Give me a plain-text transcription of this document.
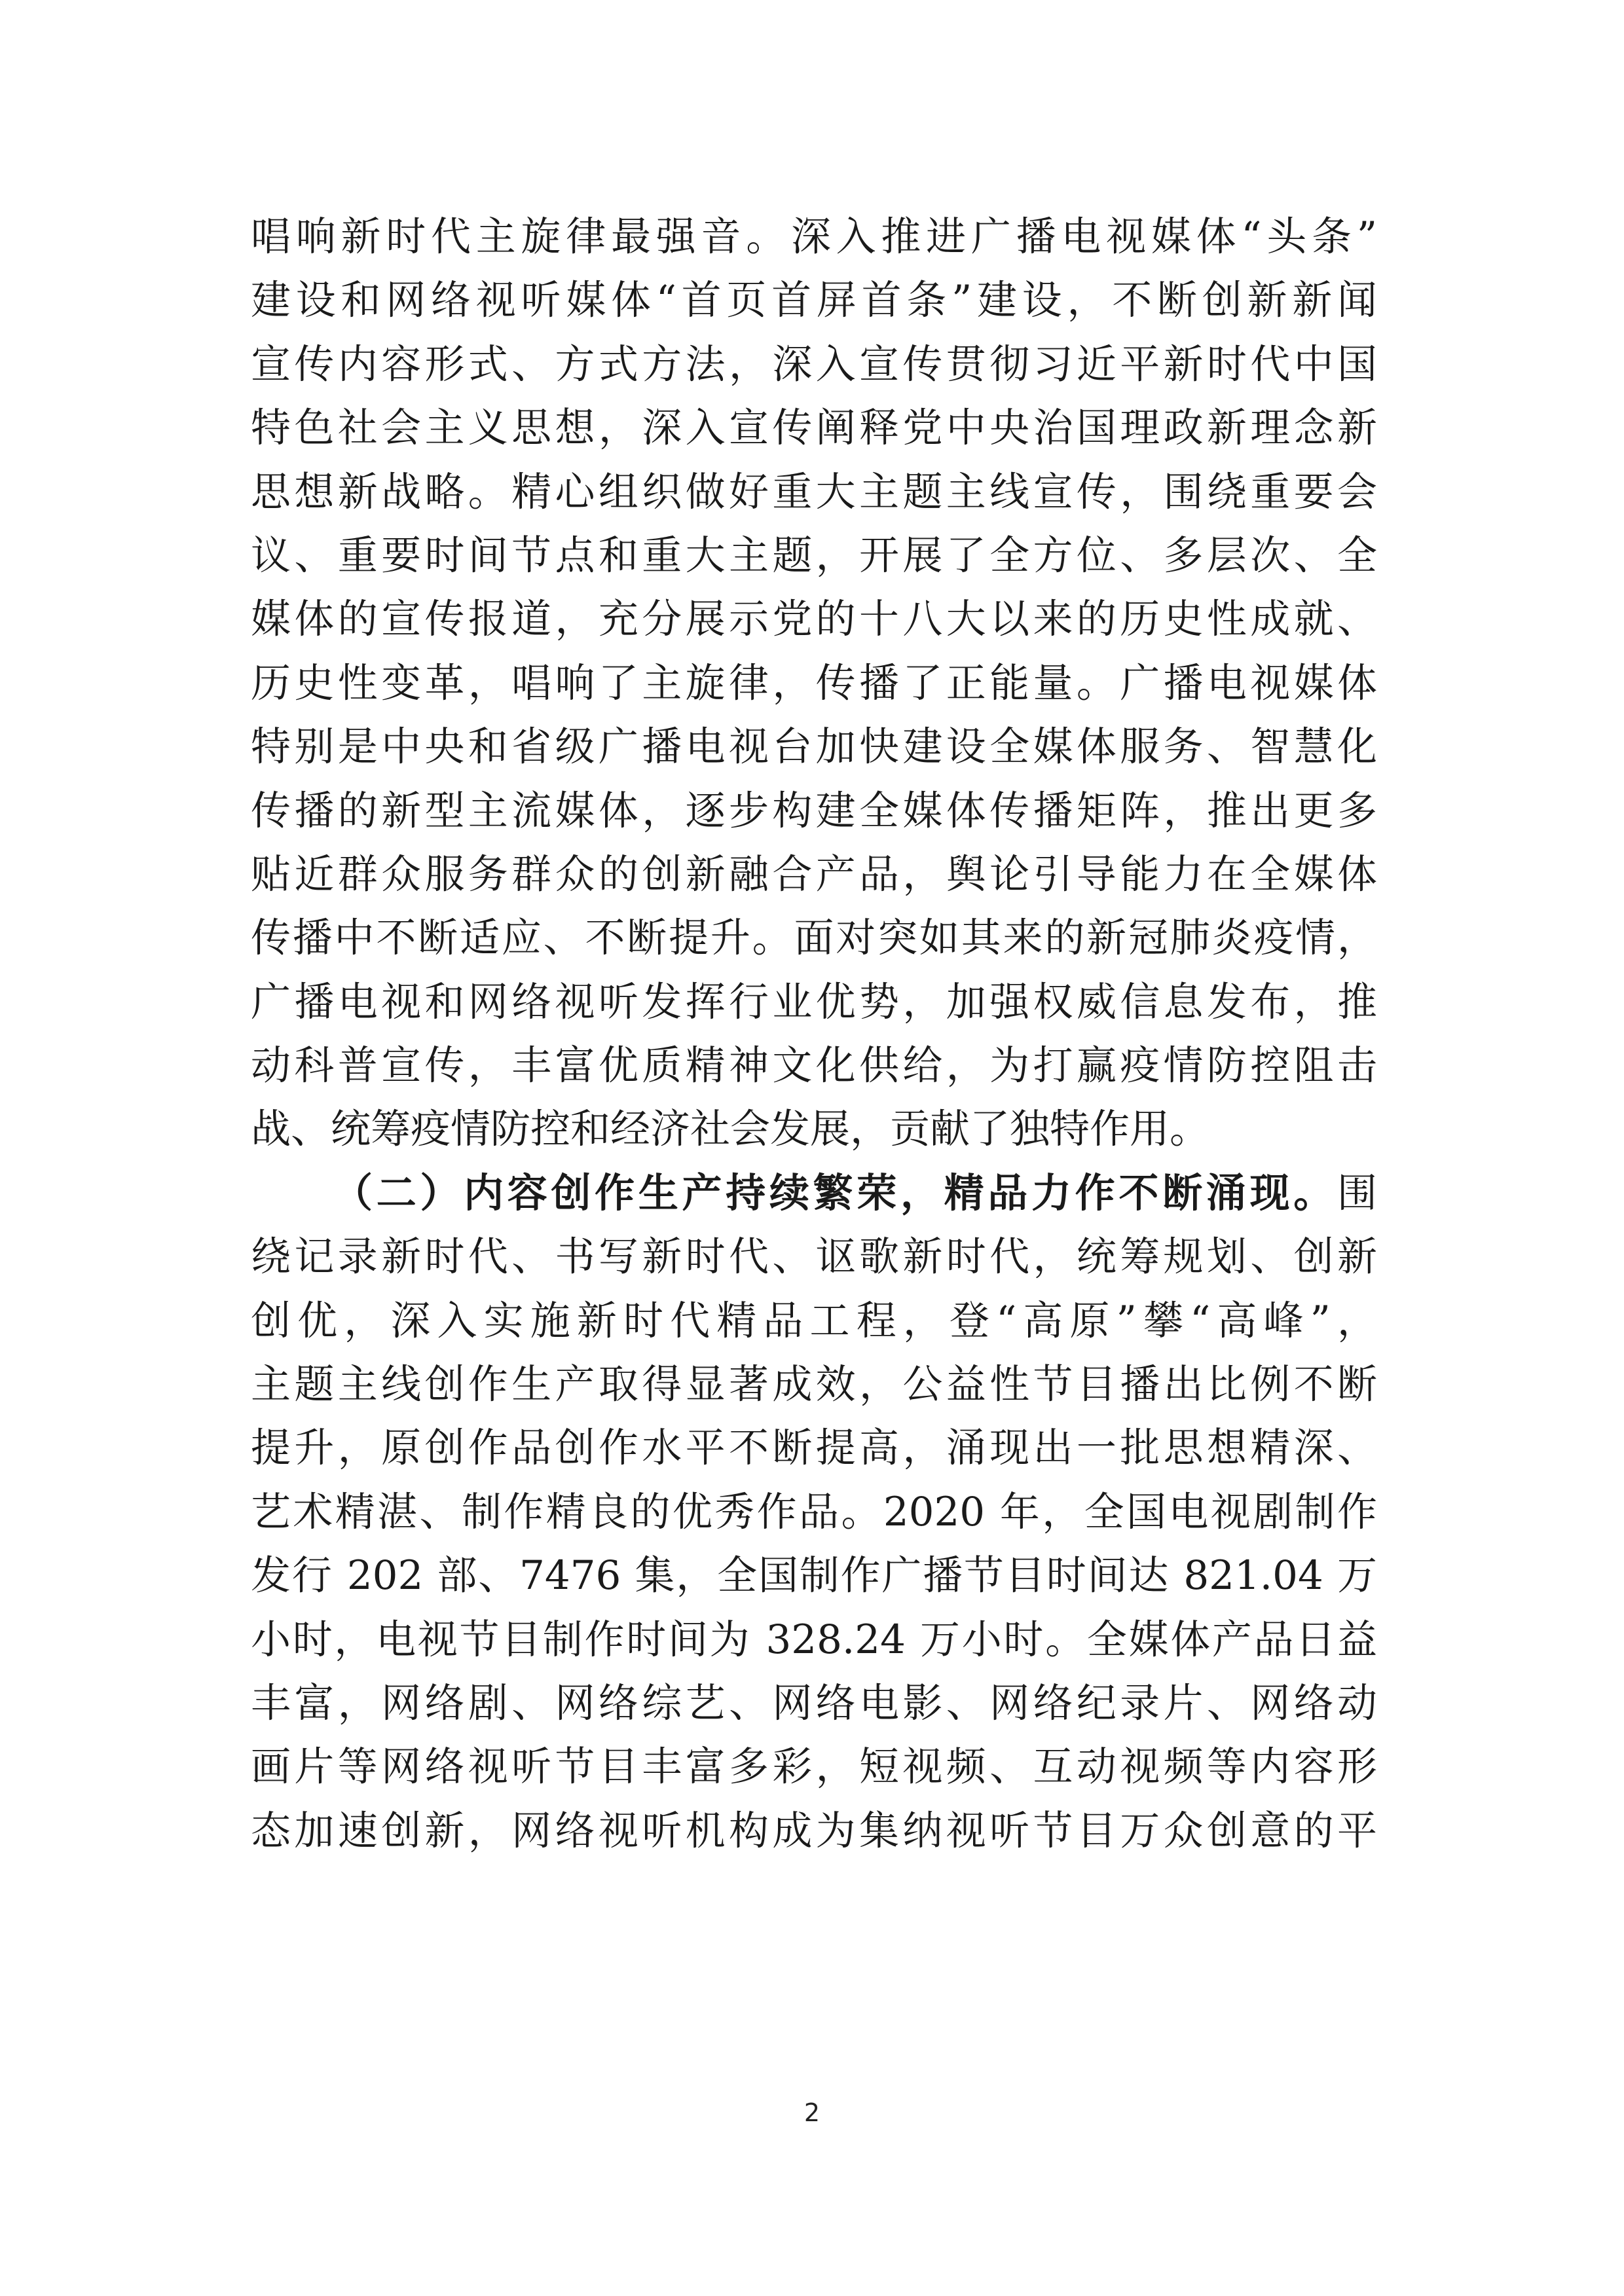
唱响新时代主旋律最强音。深入推进广播电视媒体“头条”
建设和网络视听媒体“首页首屏首条”建设，不断创新新闻
宣传内容形式、方式方法，深入宣传贯彻习近平新时代中国
特色社会主义思想，深入宣传阐释党中央治国理政新理念新
思想新战略。精心组织做好重大主题主线宣传，围绕重要会
议、重要时间节点和重大主题，开展了全方位、多层次、全
媒体的宣传报道，充分展示党的十八大以来的历史性成就、
历史性变革，唱响了主旋律，传播了正能量。广播电视媒体
特别是中央和省级广播电视台加快建设全媒体服务、智慧化
传播的新型主流媒体，逐步构建全媒体传播矩阵，推出更多
贴近群众服务群众的创新融合产品，舆论引导能力在全媒体
传播中不断适应、不断提升。面对突如其来的新冠肺炎疫情，
广播电视和网络视听发挥行业优势，加强权威信息发布，推
动科普宣传，丰富优质精神文化供给，为打赢疫情防控阻击
战、统筹疫情防控和经济社会发展，贡献了独特作用。
（二）内容创作生产持续繁荣，精品力作不断涌现。围
绕记录新时代、书写新时代、讴歌新时代，统筹规划、创新
创优，深入实施新时代精品工程，登“高原”攀“高峰”，
主题主线创作生产取得显著成效，公益性节目播出比例不断
提升，原创作品创作水平不断提高，涌现出一批思想精深、
艺术精湛、制作精良的优秀作品。2020 年，全国电视剧制作
发行 202 部、7476 集，全国制作广播节目时间达 821.04 万
小时，电视节目制作时间为 328.24 万小时。全媒体产品日益
丰富，网络剧、网络综艺、网络电影、网络纪录片、网络动
画片等网络视听节目丰富多彩，短视频、互动视频等内容形
态加速创新，网络视听机构成为集纳视听节目万众创意的平
2
